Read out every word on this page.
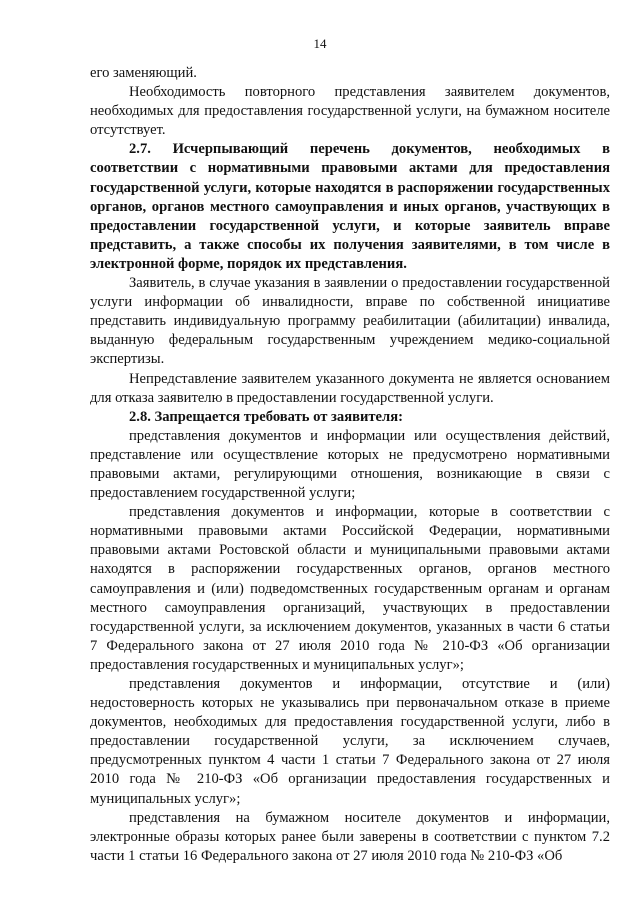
14

его заменяющий.

Необходимость повторного представления заявителем документов, необходимых для предоставления государственной услуги, на бумажном носителе отсутствует.

2.7. Исчерпывающий перечень документов, необходимых в соответствии с нормативными правовыми актами для предоставления государственной услуги, которые находятся в распоряжении государственных органов, органов местного самоуправления и иных органов, участвующих в предоставлении государственной услуги, и которые заявитель вправе представить, а также способы их получения заявителями, в том числе в электронной форме, порядок их представления.

Заявитель, в случае указания в заявлении о предоставлении государственной услуги информации об инвалидности, вправе по собственной инициативе представить индивидуальную программу реабилитации (абилитации) инвалида, выданную федеральным государственным учреждением медико-социальной экспертизы.

Непредставление заявителем указанного документа не является основанием для отказа заявителю в предоставлении государственной услуги.

2.8. Запрещается требовать от заявителя:

представления документов и информации или осуществления действий, представление или осуществление которых не предусмотрено нормативными правовыми актами, регулирующими отношения, возникающие в связи с предоставлением государственной услуги;

представления документов и информации, которые в соответствии с нормативными правовыми актами Российской Федерации, нормативными правовыми актами Ростовской области и муниципальными правовыми актами находятся в распоряжении государственных органов, органов местного самоуправления и (или) подведомственных государственным органам и органам местного самоуправления организаций, участвующих в предоставлении государственной услуги, за исключением документов, указанных в части 6 статьи 7 Федерального закона от 27 июля 2010 года № 210-ФЗ «Об организации предоставления государственных и муниципальных услуг»;

представления документов и информации, отсутствие и (или) недостоверность которых не указывались при первоначальном отказе в приеме документов, необходимых для предоставления государственной услуги, либо в предоставлении государственной услуги, за исключением случаев, предусмотренных пунктом 4 части 1 статьи 7 Федерального закона от 27 июля 2010 года № 210-ФЗ «Об организации предоставления государственных и муниципальных услуг»;

представления на бумажном носителе документов и информации, электронные образы которых ранее были заверены в соответствии с пунктом 7.2 части 1 статьи 16 Федерального закона от 27 июля 2010 года № 210-ФЗ «Об
